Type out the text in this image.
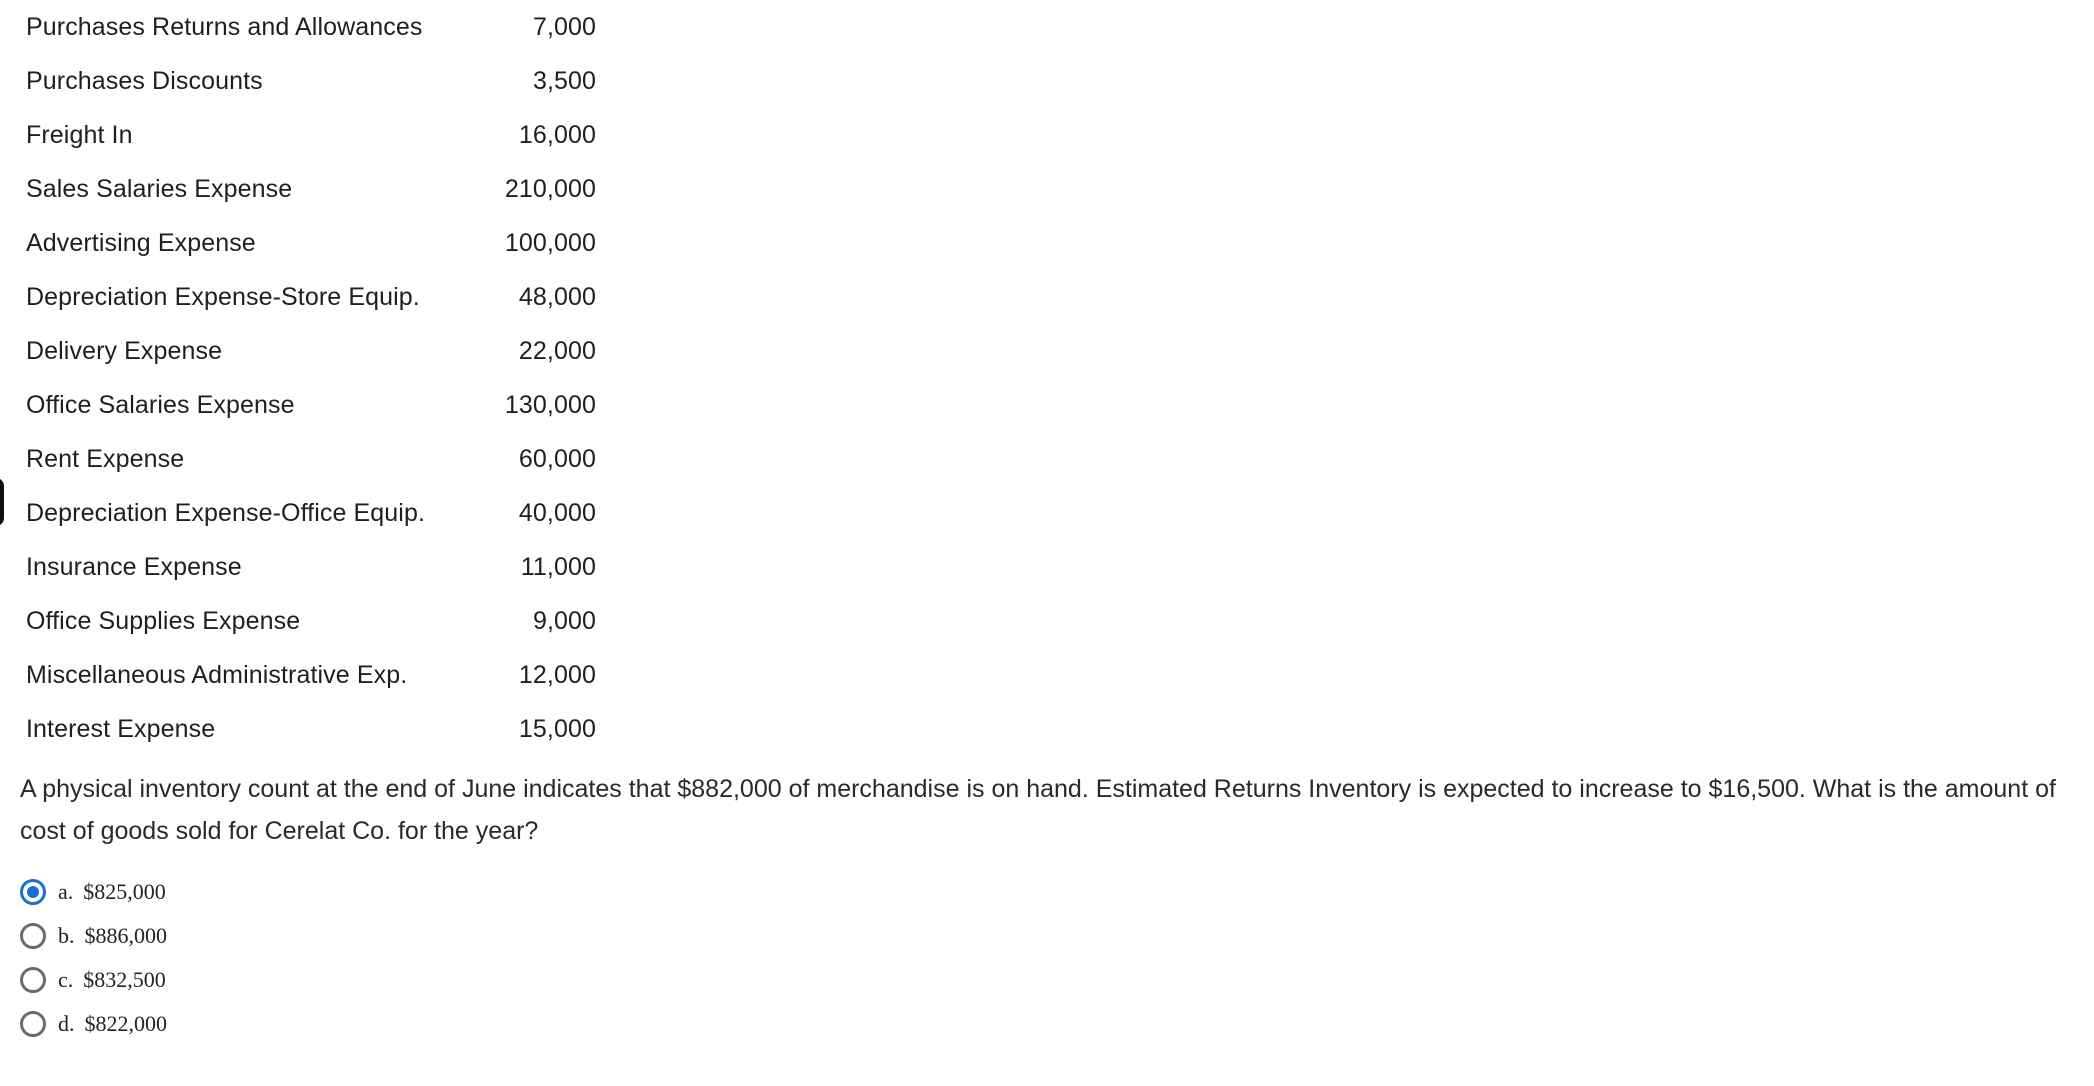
Purchases Returns and Allowances	7,000
Purchases Discounts	3,500
Freight In	16,000
Sales Salaries Expense	210,000
Advertising Expense	100,000
Depreciation Expense-Store Equip.	48,000
Delivery Expense	22,000
Office Salaries Expense	130,000
Rent Expense	60,000
Depreciation Expense-Office Equip.	40,000
Insurance Expense	11,000
Office Supplies Expense	9,000
Miscellaneous Administrative Exp.	12,000
Interest Expense	15,000

A physical inventory count at the end of June indicates that $882,000 of merchandise is on hand. Estimated Returns Inventory is expected to increase to $16,500. What is the amount of cost of goods sold for Cerelat Co. for the year?

a. $825,000
b. $886,000
c. $832,500
d. $822,000
